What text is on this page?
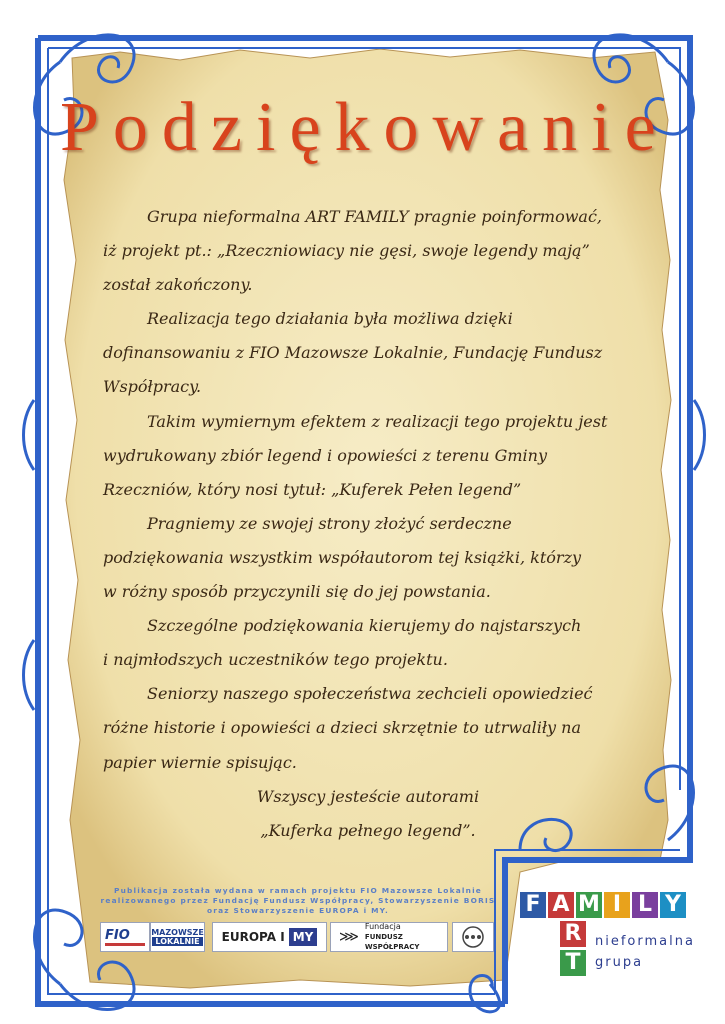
Podziękowanie

Grupa nieformalna ART FAMILY pragnie poinformować,

iż projekt pt.: „Rzeczniowiacy nie gęsi, swoje legendy mają”

został zakończony.

Realizacja tego działania była możliwa dzięki

dofinansowaniu z FIO Mazowsze Lokalnie, Fundację Fundusz

Współpracy.

Takim wymiernym efektem z realizacji tego projektu jest

wydrukowany zbiór legend i opowieści z terenu Gminy

Rzeczniów, który nosi tytuł: „Kuferek Pełen legend”

Pragniemy ze swojej strony złożyć serdeczne

podziękowania wszystkim współautorom tej książki, którzy

w różny sposób przyczynili się do jej powstania.

Szczególne podziękowania kierujemy do najstarszych

i najmłodszych uczestników tego projektu.

Seniorzy naszego społeczeństwa zechcieli opowiedzieć

różne historie i opowieści a dzieci skrzętnie to utrwaliły na

papier wiernie spisując.

Wszyscy jesteście autorami

„Kuferka pełnego legend”.

Publikacja została wydana w ramach projektu FIO Mazowsze Lokalnie
realizowanego przez Fundację Fundusz Współpracy, Stowarzyszenie BORIS
oraz Stowarzyszenie EUROPA i MY.
FIO	MAZOWSZE
LOKALNIE EUROPA I MY ⋙
Fundacja
FUNDUSZ WSPÓŁPRACY
F A M I L Y
R
T
nieformalna
grupa
